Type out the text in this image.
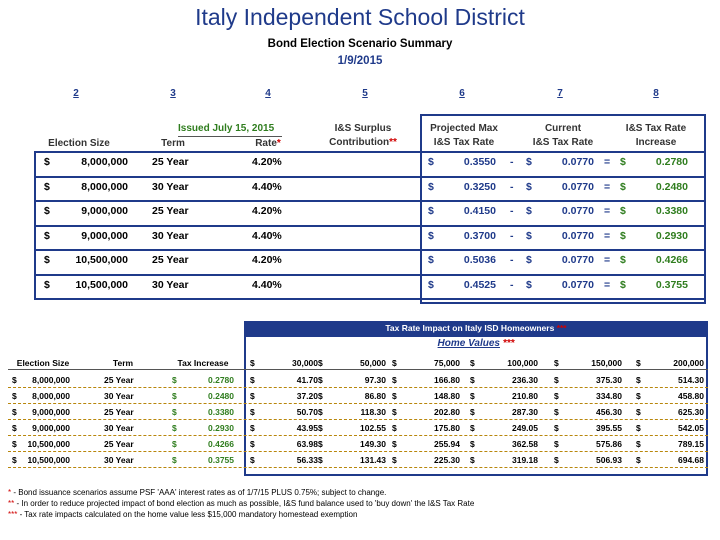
Italy Independent School District
Bond Election Scenario Summary
1/9/2015
2	3	4	5	6	7	8
Issued July 15, 2015
Election Size	Term	Rate*
I&S Surplus
Contribution**
Projected Max
I&S Tax Rate
Current
I&S Tax Rate
I&S Tax Rate
Increase
$	8,000,000 25 Year	4.20%	$	0.3550 - $	0.0770 = $	0.2780
$	8,000,000 30 Year	4.40%	$	0.3250 - $	0.0770 = $	0.2480
$	9,000,000 25 Year	4.20%	$	0.4150 - $	0.0770 = $	0.3380
$	9,000,000 30 Year	4.40%	$	0.3700 - $	0.0770 = $	0.2930
$	10,500,000 25 Year	4.20%	$	0.5036 - $	0.0770 = $	0.4266
$	10,500,000 30 Year	4.40%	$	0.4525 - $	0.0770 = $	0.3755
Tax Rate Impact on Italy ISD Homeowners ***
Home Values ***
Election Size	Term	Tax Increase	$	30,000 $	50,000 $	75,000 $	100,000 $	150,000 $	200,000
$	8,000,000	25 Year	$	0.2780 $	41.70 $	97.30 $	166.80 $	236.30 $	375.30 $	514.30
$	8,000,000	30 Year	$	0.2480 $	37.20 $	86.80 $	148.80 $	210.80 $	334.80 $	458.80
$	9,000,000	25 Year	$	0.3380 $	50.70 $	118.30 $	202.80 $	287.30 $	456.30 $	625.30
$	9,000,000	30 Year	$	0.2930 $	43.95 $	102.55 $	175.80 $	249.05 $	395.55 $	542.05
$	10,500,000	25 Year	$	0.4266 $	63.98 $	149.30 $	255.94 $	362.58 $	575.86 $	789.15
$	10,500,000	30 Year	$	0.3755 $	56.33 $	131.43 $	225.30 $	319.18 $	506.93 $	694.68
* - Bond issuance scenarios assume PSF 'AAA' interest rates as of 1/7/15 PLUS 0.75%; subject to change.
** - In order to reduce projected impact of bond election as much as possible, I&S fund balance used to 'buy down' the I&S Tax Rate
*** - Tax rate impacts calculated on the home value less $15,000 mandatory homestead exemption
